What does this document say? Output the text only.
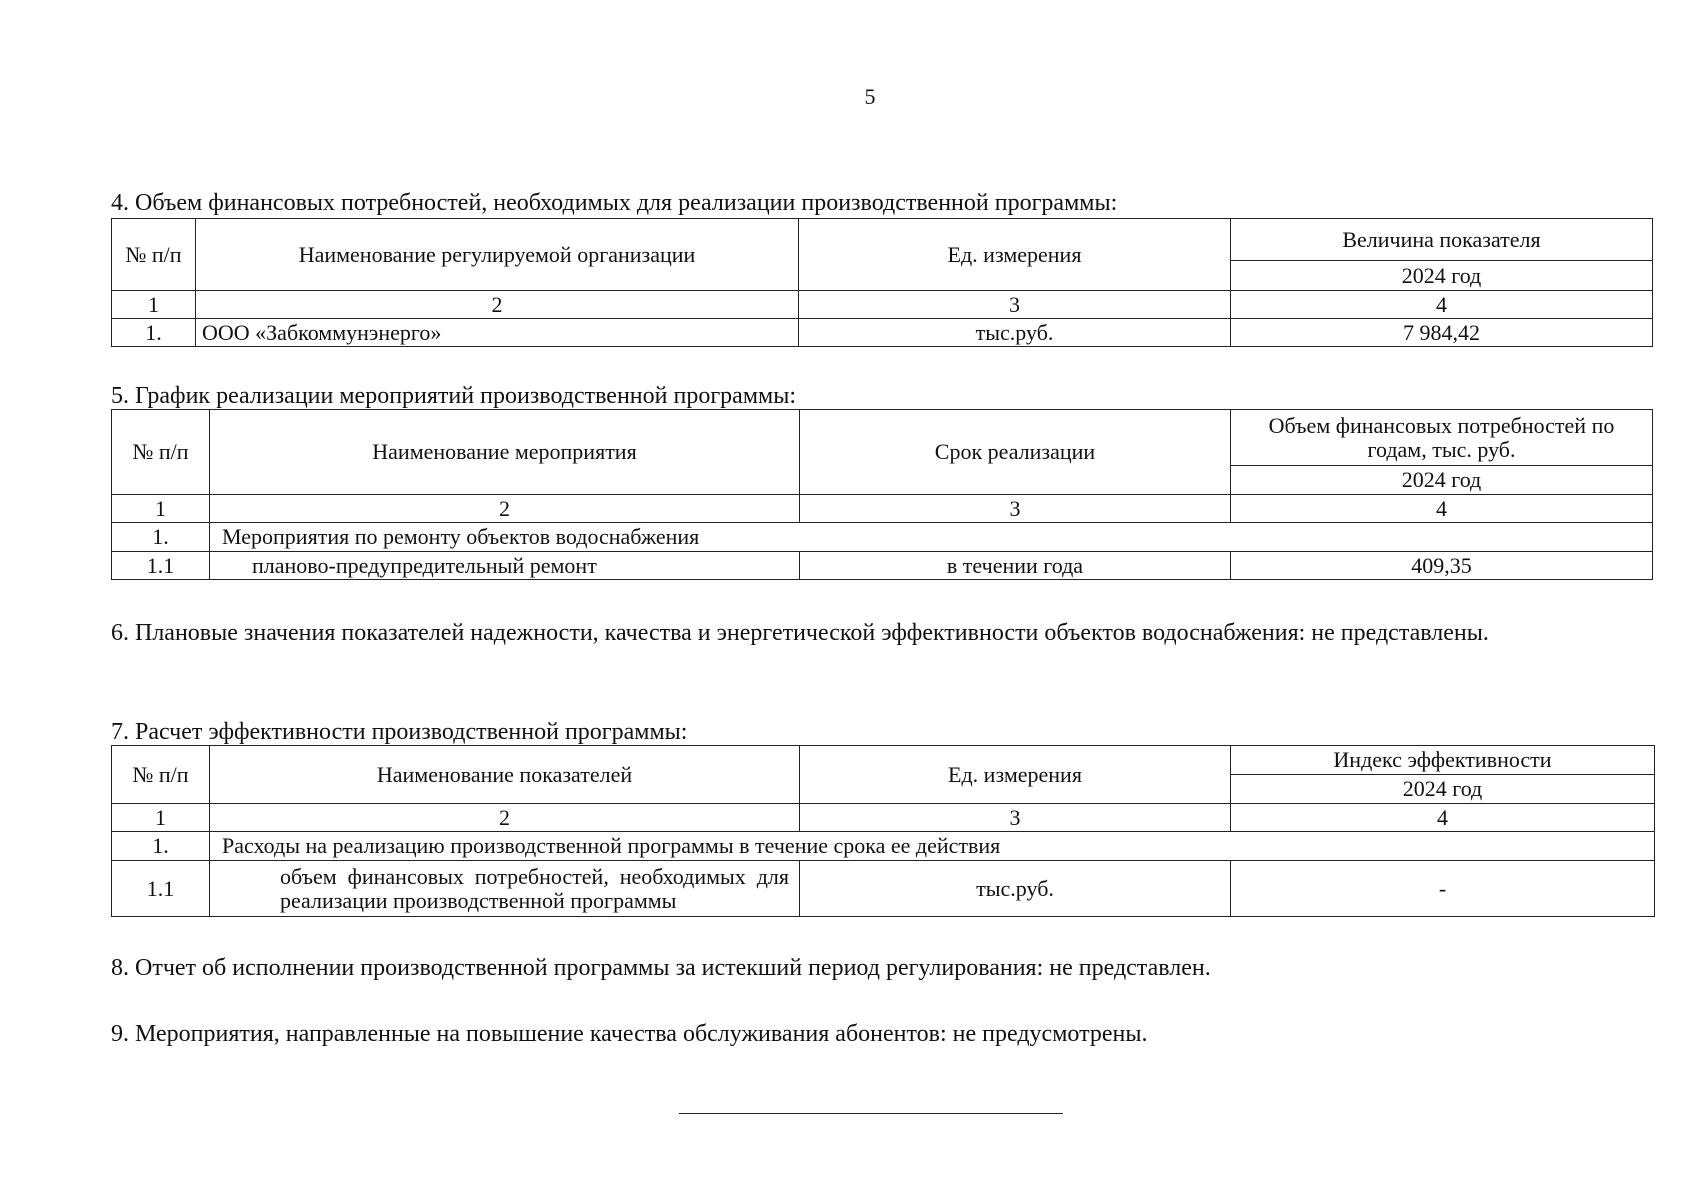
5
4. Объем финансовых потребностей, необходимых для реализации производственной программы:
№ п/п	Наименование регулируемой организации	Ед. измерения	Величина показателя
			2024 год
1	2	3	4
1.	ООО «Забкоммунэнерго»	тыс.руб.	7 984,42
5. График реализации мероприятий производственной программы:
№ п/п	Наименование мероприятия	Срок реализации	Объем финансовых потребностей по годам, тыс. руб.
			2024 год
1	2	3	4
1.	Мероприятия по ремонту объектов водоснабжения		
1.1	планово-предупредительный ремонт	в течении года	409,35
6. Плановые значения показателей надежности, качества и энергетической эффективности объектов водоснабжения: не представлены.
7. Расчет эффективности производственной программы:
№ п/п	Наименование показателей	Ед. измерения	Индекс эффективности
			2024 год
1	2	3	4
1.	Расходы на реализацию производственной программы в течение срока ее действия		
1.1	объем финансовых потребностей, необходимых для реализации производственной программы	тыс.руб.	-
8. Отчет об исполнении производственной программы за истекший период регулирования: не представлен.
9. Мероприятия, направленные на повышение качества обслуживания абонентов: не предусмотрены.
